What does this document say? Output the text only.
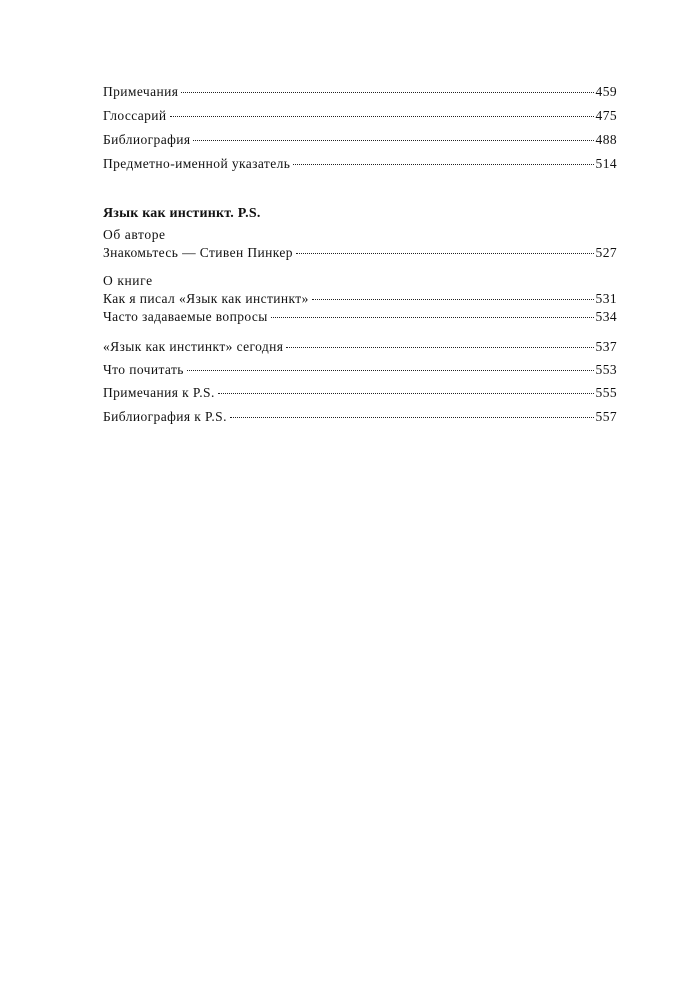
Примечания	459
Глоссарий	475
Библиография	488
Предметно-именной указатель	514
Язык как инстинкт. P.S.
Об авторе
Знакомьтесь — Стивен Пинкер	527
О книге
Как я писал «Язык как инстинкт»	531
Часто задаваемые вопросы	534
«Язык как инстинкт» сегодня	537
Что почитать	553
Примечания к P.S.	555
Библиография к P.S.	557
